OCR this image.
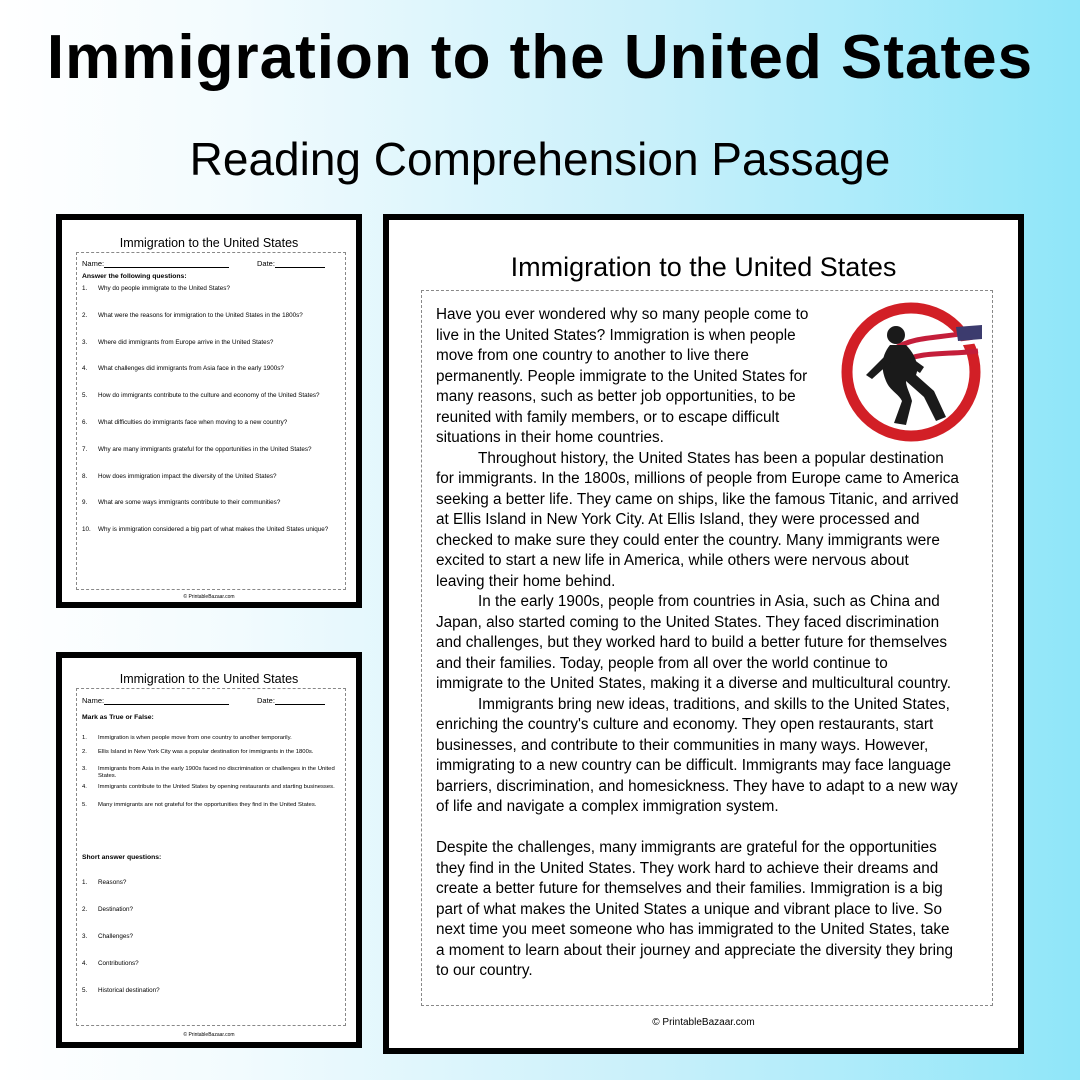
Immigration to the United States
Reading Comprehension Passage
Immigration to the United States
Name:	Date:
Answer the following questions:
1.	Why do people immigrate to the United States?
2.	What were the reasons for immigration to the United States in the 1800s?
3.	Where did immigrants from Europe arrive in the United States?
4.	What challenges did immigrants from Asia face in the early 1900s?
5.	How do immigrants contribute to the culture and economy of the United States?
6.	What difficulties do immigrants face when moving to a new country?
7.	Why are many immigrants grateful for the opportunities in the United States?
8.	How does immigration impact the diversity of the United States?
9.	What are some ways immigrants contribute to their communities?
10.	Why is immigration considered a big part of what makes the United States unique?
© PrintableBazaar.com
Immigration to the United States
Name:	Date:
Mark as True or False:
1. Immigration is when people move from one country to another temporarily.
2. Ellis Island in New York City was a popular destination for immigrants in the 1800s.
3. Immigrants from Asia in the early 1900s faced no discrimination or challenges in the United States.
4. Immigrants contribute to the United States by opening restaurants and starting businesses.
5. Many immigrants are not grateful for the opportunities they find in the United States.
Short answer questions:
1.	Reasons?
2.	Destination?
3.	Challenges?
4.	Contributions?
5.	Historical destination?
© PrintableBazaar.com
Immigration to the United States
Have you ever wondered why so many people come to
live in the United States? Immigration is when people
move from one country to another to live there
permanently. People immigrate to the United States for
many reasons, such as better job opportunities, to be
reunited with family members, or to escape difficult
situations in their home countries.
Throughout history, the United States has been a popular destination
for immigrants. In the 1800s, millions of people from Europe came to America
seeking a better life. They came on ships, like the famous Titanic, and arrived
at Ellis Island in New York City. At Ellis Island, they were processed and
checked to make sure they could enter the country. Many immigrants were
excited to start a new life in America, while others were nervous about
leaving their home behind.
In the early 1900s, people from countries in Asia, such as China and
Japan, also started coming to the United States. They faced discrimination
and challenges, but they worked hard to build a better future for themselves
and their families. Today, people from all over the world continue to
immigrate to the United States, making it a diverse and multicultural country.
Immigrants bring new ideas, traditions, and skills to the United States,
enriching the country's culture and economy. They open restaurants, start
businesses, and contribute to their communities in many ways. However,
immigrating to a new country can be difficult. Immigrants may face language
barriers, discrimination, and homesickness. They have to adapt to a new way
of life and navigate a complex immigration system.
Despite the challenges, many immigrants are grateful for the opportunities
they find in the United States. They work hard to achieve their dreams and
create a better future for themselves and their families. Immigration is a big
part of what makes the United States a unique and vibrant place to live. So
next time you meet someone who has immigrated to the United States, take
a moment to learn about their journey and appreciate the diversity they bring
to our country.
© PrintableBazaar.com
